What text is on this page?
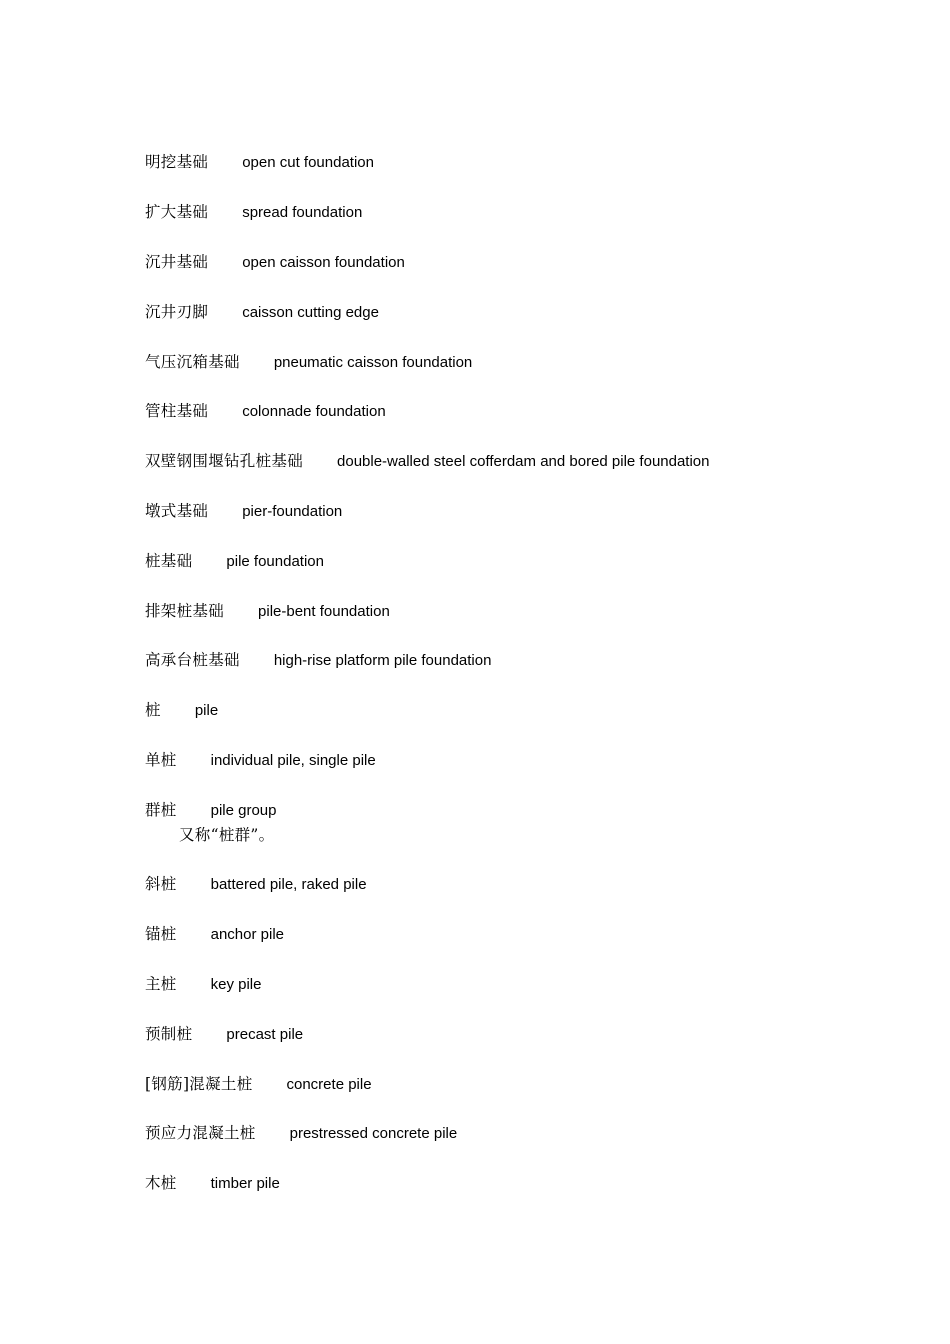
明挖基础 open cut foundation
扩大基础 spread foundation
沉井基础 open caisson foundation
沉井刃脚 caisson cutting edge
气压沉箱基础 pneumatic caisson foundation
管柱基础 colonnade foundation
双壁钢围堰钻孔桩基础 double-walled steel cofferdam and bored pile foundation
墩式基础 pier-foundation
桩基础 pile foundation
排架桩基础 pile-bent foundation
高承台桩基础 high-rise platform pile foundation
桩 pile
单桩 individual pile, single pile
群桩 pile group
又称“桩群”。
斜桩 battered pile, raked pile
锚桩 anchor pile
主桩 key pile
预制桩 precast pile
[钢筋]混凝土桩 concrete pile
预应力混凝土桩 prestressed concrete pile
木桩 timber pile
